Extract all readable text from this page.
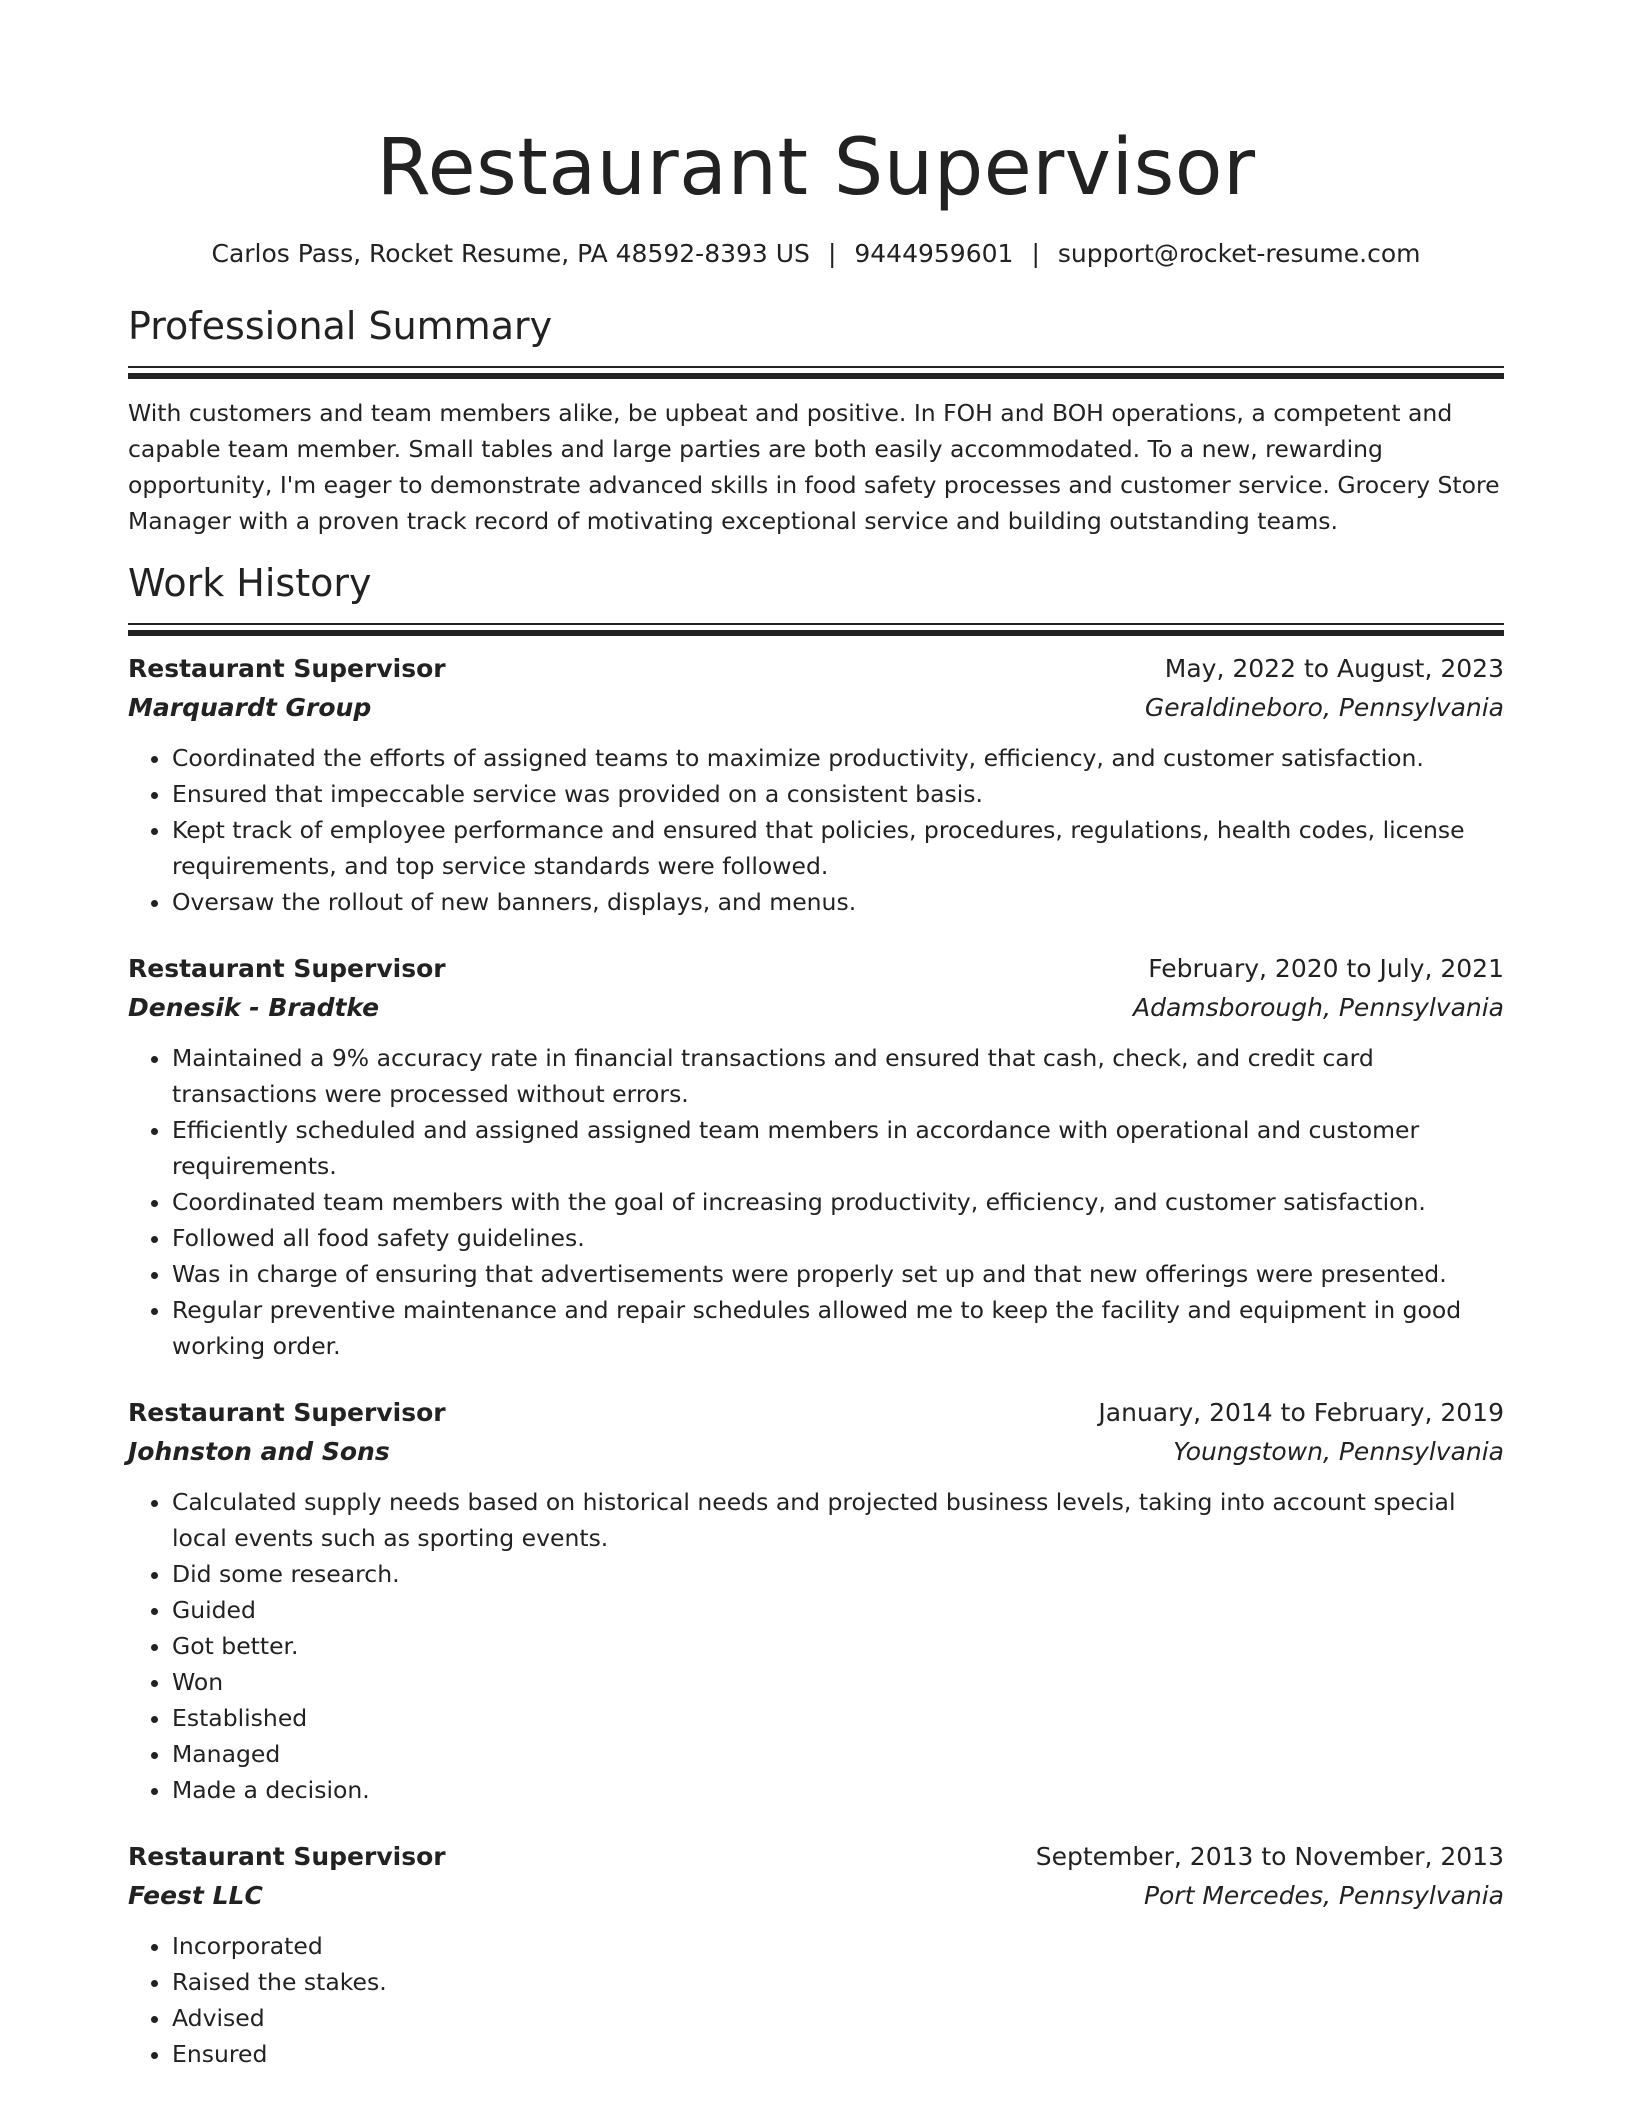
Restaurant Supervisor
Carlos Pass, Rocket Resume, PA 48592-8393 US | 9444959601 | support@rocket-resume.com
Professional Summary

With customers and team members alike, be upbeat and positive. In FOH and BOH operations, a competent and capable team member. Small tables and large parties are both easily accommodated. To a new, rewarding opportunity, I'm eager to demonstrate advanced skills in food safety processes and customer service. Grocery Store Manager with a proven track record of motivating exceptional service and building outstanding teams.

Work History
Restaurant Supervisor	May, 2022 to August, 2023
Marquardt Group	Geraldineboro, Pennsylvania
• Coordinated the efforts of assigned teams to maximize productivity, efficiency, and customer satisfaction.
• Ensured that impeccable service was provided on a consistent basis.
• Kept track of employee performance and ensured that policies, procedures, regulations, health codes, license requirements, and top service standards were followed.
• Oversaw the rollout of new banners, displays, and menus.
Restaurant Supervisor	February, 2020 to July, 2021
Denesik - Bradtke	Adamsborough, Pennsylvania
• Maintained a 9% accuracy rate in financial transactions and ensured that cash, check, and credit card transactions were processed without errors.
• Efficiently scheduled and assigned assigned team members in accordance with operational and customer requirements.
• Coordinated team members with the goal of increasing productivity, efficiency, and customer satisfaction.
• Followed all food safety guidelines.
• Was in charge of ensuring that advertisements were properly set up and that new offerings were presented.
• Regular preventive maintenance and repair schedules allowed me to keep the facility and equipment in good working order.
Restaurant Supervisor	January, 2014 to February, 2019
Johnston and Sons	Youngstown, Pennsylvania
• Calculated supply needs based on historical needs and projected business levels, taking into account special local events such as sporting events.
• Did some research.
• Guided
• Got better.
• Won
• Established
• Managed
• Made a decision.
Restaurant Supervisor	September, 2013 to November, 2013
Feest LLC	Port Mercedes, Pennsylvania
• Incorporated
• Raised the stakes.
• Advised
• Ensured
